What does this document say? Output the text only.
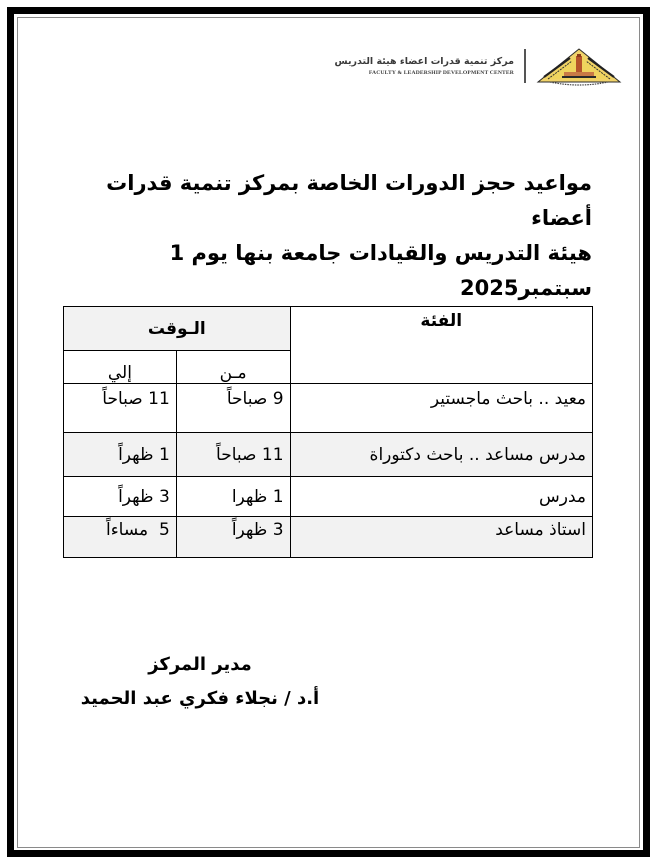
مركز تنمية قدرات اعضاء هيئة التدريس
FACULTY & LEADERSHIP DEVELOPMENT CENTER
مواعيد حجز الدورات الخاصة بمركز تنمية قدرات أعضاء
هيئة التدريس والقيادات جامعة بنها يوم 1 سبتمبر2025
الفئة	الـوقت	
	مـن	إلي
معيد .. باحث ماجستير	9 صباحاً	11 صباحاً
مدرس مساعد .. باحث دكتوراة	11 صباحاً	1 ظهراً
مدرس	1 ظهرا	3 ظهراً
استاذ مساعد	3 ظهراً	5  مساءاً
مدير المركز
أ.د / نجلاء فكري عبد الحميد
